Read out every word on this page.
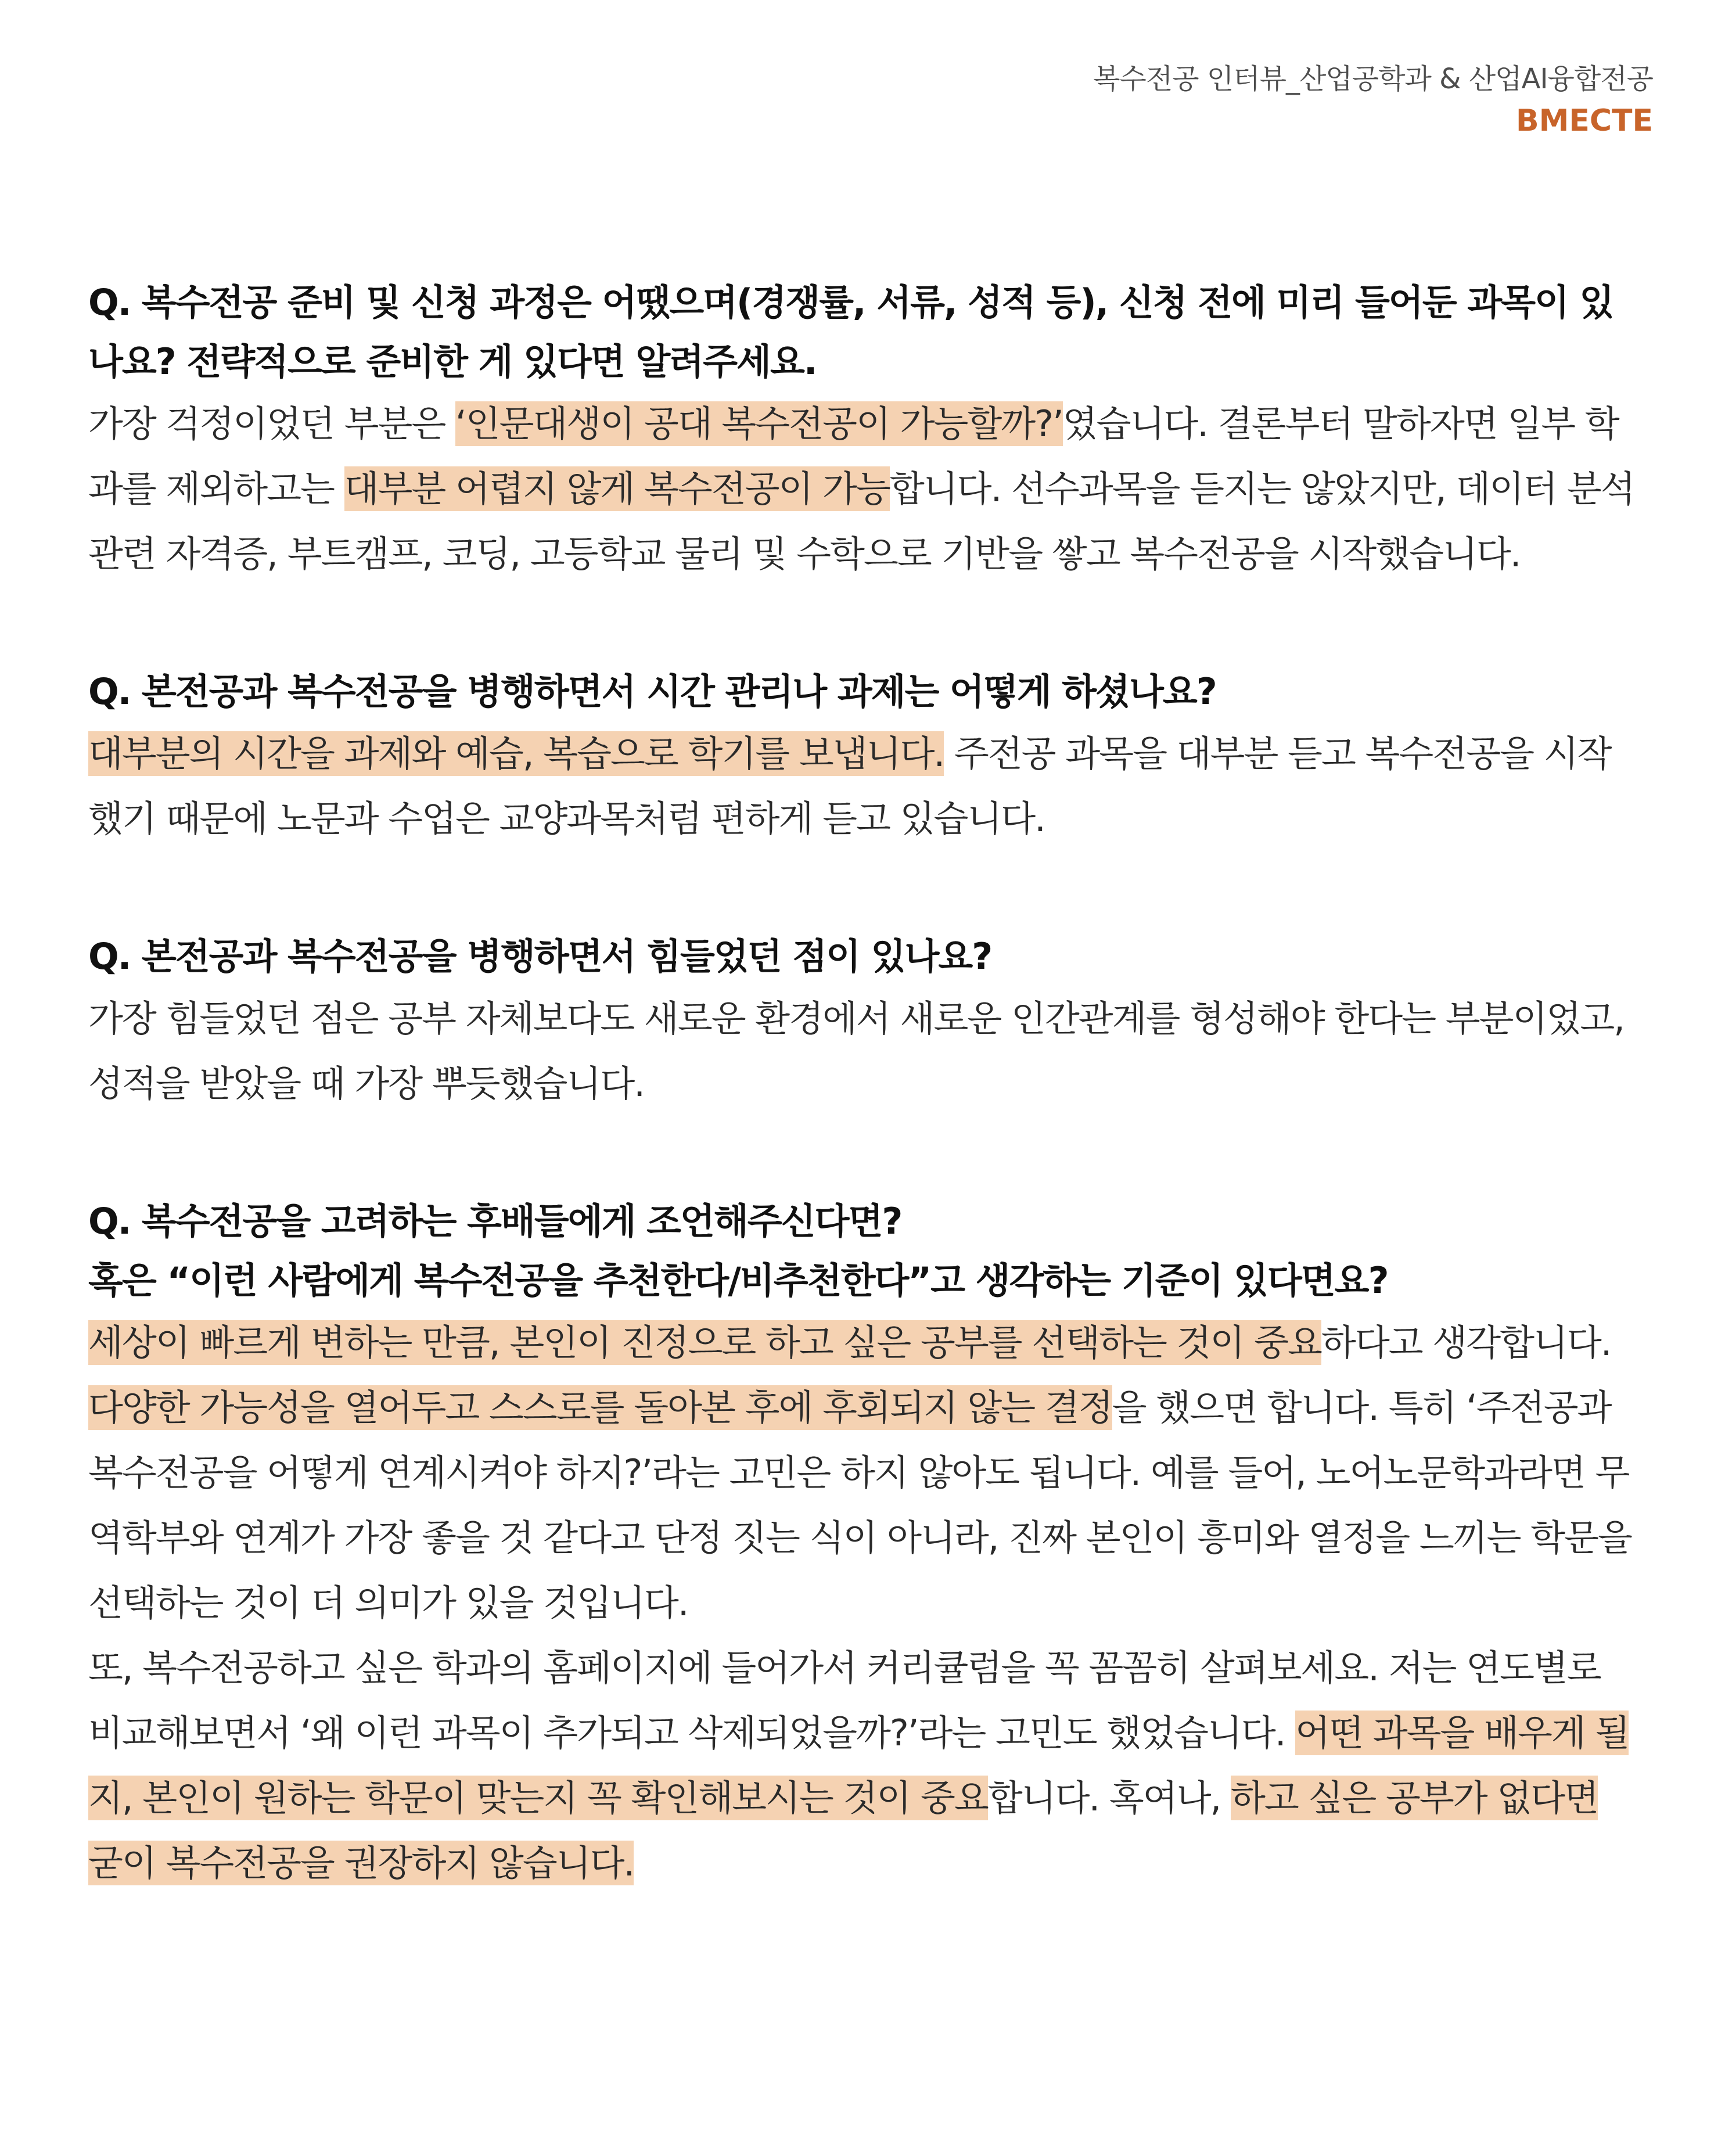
복수전공 인터뷰_산업공학과 & 산업AI융합전공
BMECTE
Q. 복수전공 준비 및 신청 과정은 어땠으며(경쟁률, 서류, 성적 등), 신청 전에 미리 들어둔 과목이 있나요? 전략적으로 준비한 게 있다면 알려주세요.
가장 걱정이었던 부분은 ‘인문대생이 공대 복수전공이 가능할까?’였습니다. 결론부터 말하자면 일부 학과를 제외하고는 대부분 어렵지 않게 복수전공이 가능합니다. 선수과목을 듣지는 않았지만, 데이터 분석 관련 자격증, 부트캠프, 코딩, 고등학교 물리 및 수학으로 기반을 쌓고 복수전공을 시작했습니다.
Q. 본전공과 복수전공을 병행하면서 시간 관리나 과제는 어떻게 하셨나요?
대부분의 시간을 과제와 예습, 복습으로 학기를 보냅니다. 주전공 과목을 대부분 듣고 복수전공을 시작했기 때문에 노문과 수업은 교양과목처럼 편하게 듣고 있습니다.
Q. 본전공과 복수전공을 병행하면서 힘들었던 점이 있나요?
가장 힘들었던 점은 공부 자체보다도 새로운 환경에서 새로운 인간관계를 형성해야 한다는 부분이었고, 성적을 받았을 때 가장 뿌듯했습니다.
Q. 복수전공을 고려하는 후배들에게 조언해주신다면?
혹은 “이런 사람에게 복수전공을 추천한다/비추천한다”고 생각하는 기준이 있다면요?
세상이 빠르게 변하는 만큼, 본인이 진정으로 하고 싶은 공부를 선택하는 것이 중요하다고 생각합니다. 다양한 가능성을 열어두고 스스로를 돌아본 후에 후회되지 않는 결정을 했으면 합니다. 특히 ‘주전공과 복수전공을 어떻게 연계시켜야 하지?’라는 고민은 하지 않아도 됩니다. 예를 들어, 노어노문학과라면 무역학부와 연계가 가장 좋을 것 같다고 단정 짓는 식이 아니라, 진짜 본인이 흥미와 열정을 느끼는 학문을 선택하는 것이 더 의미가 있을 것입니다.
또, 복수전공하고 싶은 학과의 홈페이지에 들어가서 커리큘럼을 꼭 꼼꼼히 살펴보세요. 저는 연도별로 비교해보면서 ‘왜 이런 과목이 추가되고 삭제되었을까?’라는 고민도 했었습니다. 어떤 과목을 배우게 될지, 본인이 원하는 학문이 맞는지 꼭 확인해보시는 것이 중요합니다. 혹여나, 하고 싶은 공부가 없다면 굳이 복수전공을 권장하지 않습니다.
